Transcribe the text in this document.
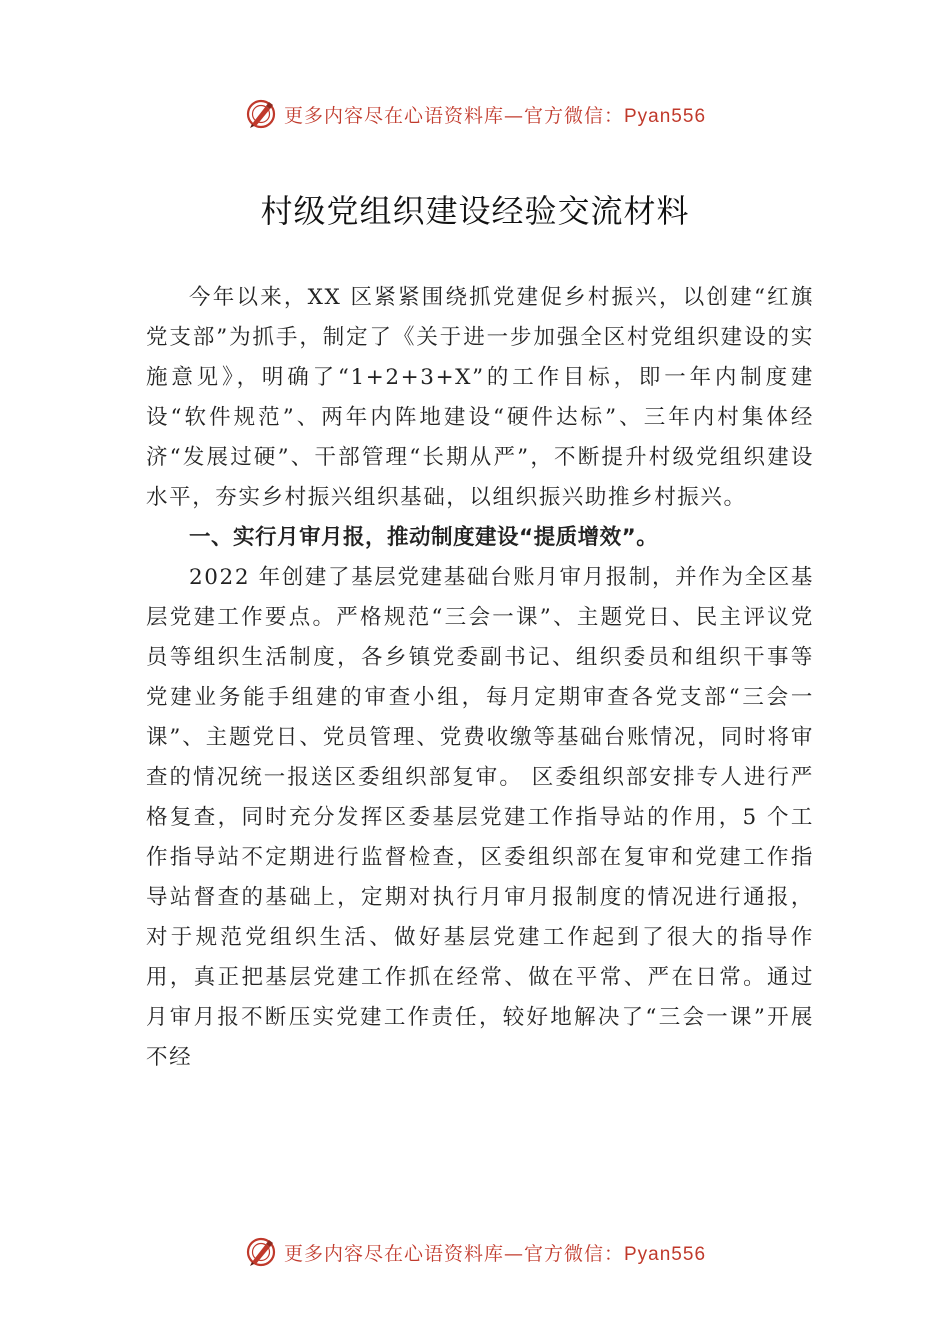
更多内容尽在心语资料库—官方微信：Pyan556
村级党组织建设经验交流材料

今年以来，XX 区紧紧围绕抓党建促乡村振兴，以创建“红旗党支部”为抓手，制定了《关于进一步加强全区村党组织建设的实施意见》，明确了“1+2+3+X”的工作目标，即一年内制度建设“软件规范”、两年内阵地建设“硬件达标”、三年内村集体经济“发展过硬”、干部管理“长期从严”，不断提升村级党组织建设水平，夯实乡村振兴组织基础，以组织振兴助推乡村振兴。

一、实行月审月报，推动制度建设“提质增效”。

2022 年创建了基层党建基础台账月审月报制，并作为全区基层党建工作要点。严格规范“三会一课”、主题党日、民主评议党员等组织生活制度，各乡镇党委副书记、组织委员和组织干事等党建业务能手组建的审查小组，每月定期审查各党支部“三会一课”、主题党日、党员管理、党费收缴等基础台账情况，同时将审查的情况统一报送区委组织部复审。 区委组织部安排专人进行严格复查，同时充分发挥区委基层党建工作指导站的作用，5 个工作指导站不定期进行监督检查，区委组织部在复审和党建工作指导站督查的基础上，定期对执行月审月报制度的情况进行通报，对于规范党组织生活、做好基层党建工作起到了很大的指导作用，真正把基层党建工作抓在经常、做在平常、严在日常。通过月审月报不断压实党建工作责任，较好地解决了“三会一课”开展不经

更多内容尽在心语资料库—官方微信：Pyan556
